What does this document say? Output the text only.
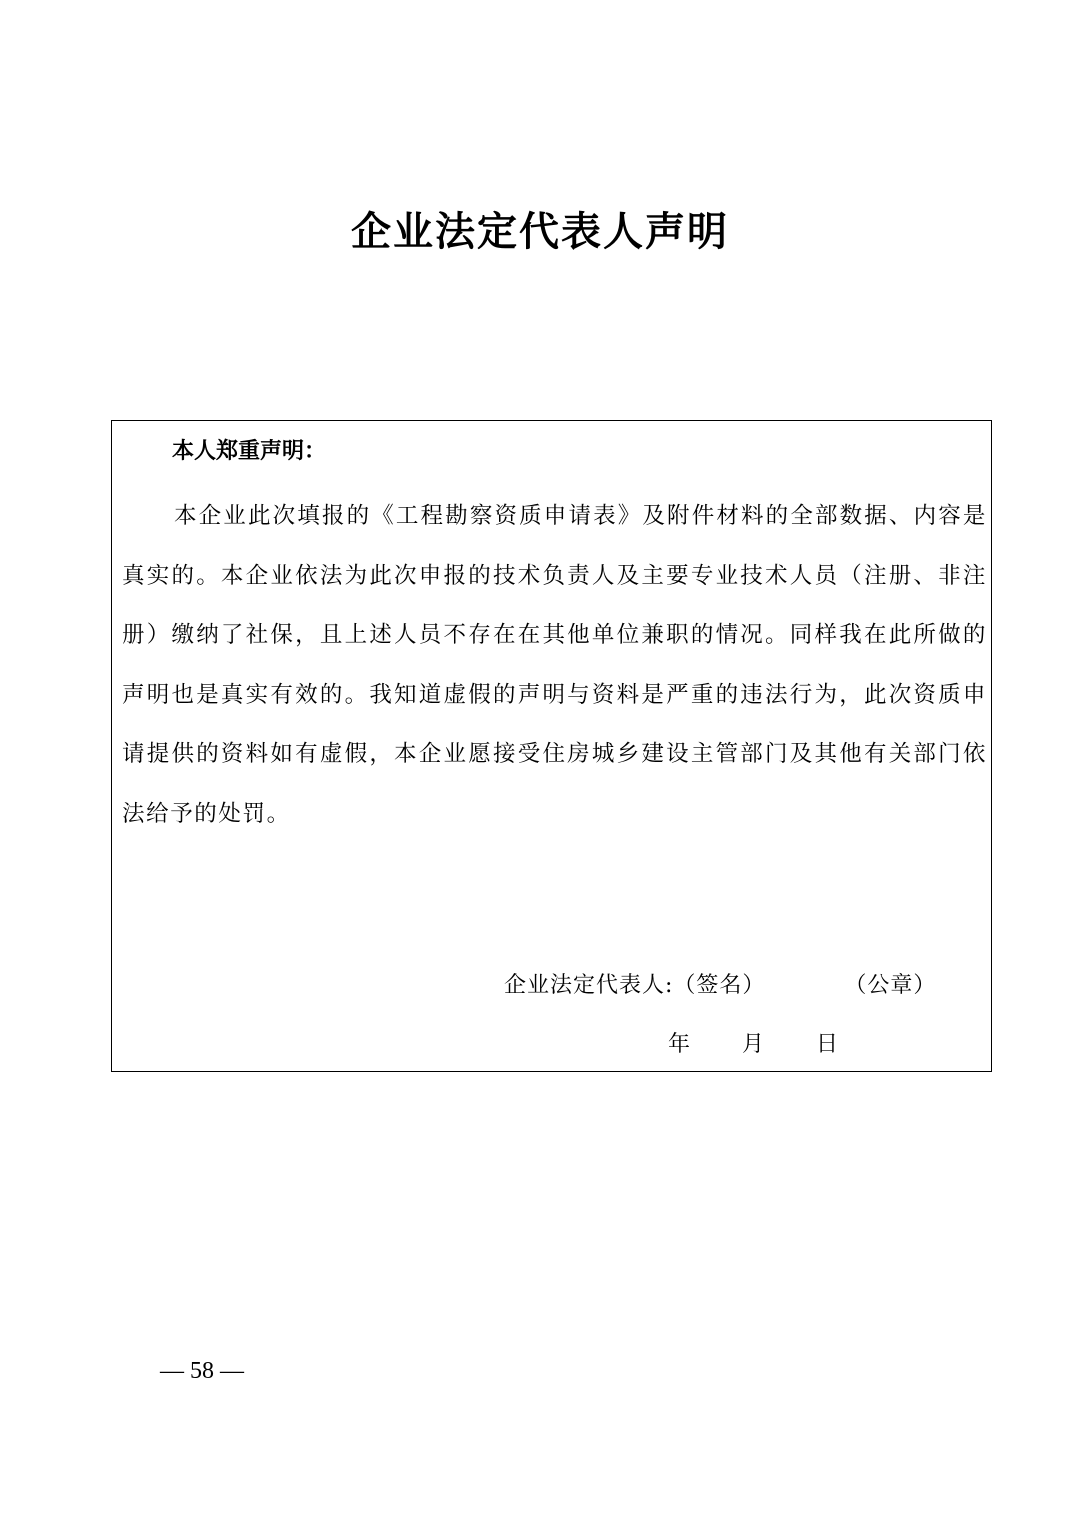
企业法定代表人声明
本人郑重声明：

本企业此次填报的《工程勘察资质申请表》及附件材料的全部数据、内容是真实的。本企业依法为此次申报的技术负责人及主要专业技术人员（注册、非注册）缴纳了社保，且上述人员不存在在其他单位兼职的情况。同样我在此所做的声明也是真实有效的。我知道虚假的声明与资料是严重的违法行为，此次资质申请提供的资料如有虚假，本企业愿接受住房城乡建设主管部门及其他有关部门依法给予的处罚。

企业法定代表人:（签名）	（公章）
年 月 日
— 58 —
